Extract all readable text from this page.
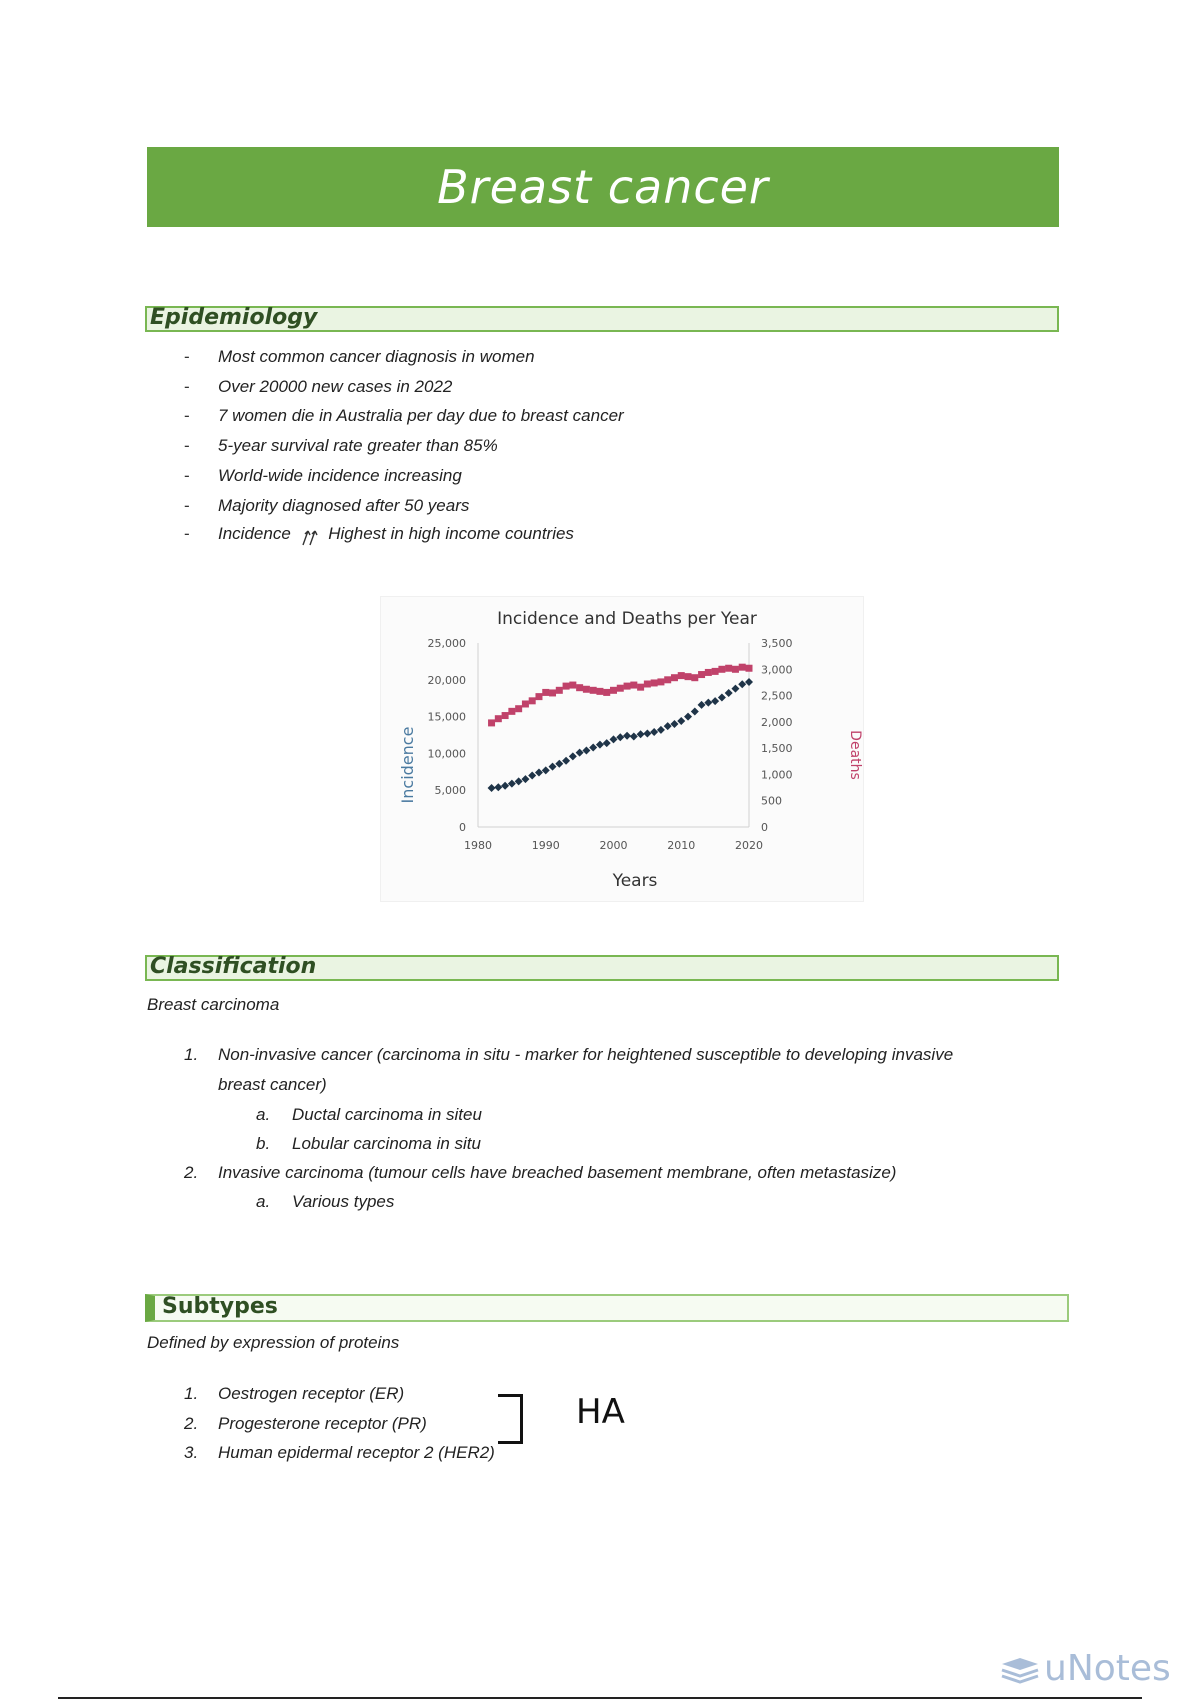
Breast cancer
Epidemiology
- Most common cancer diagnosis in women
- Over 20000 new cases in 2022
- 7 women die in Australia per day due to breast cancer
- 5-year survival rate greater than 85%
- World-wide incidence increasing
- Majority diagnosed after 50 years
- Incidence Highest in high income countries
Incidence and Deaths per Year
Years
Incidence	Deaths
0
5,000
10,000
15,000
20,000
25,000
0
500
1,000
1,500
2,000
2,500
3,000
3,500
1980	1990	2000	2010	2020
Classification
Breast carcinoma
1. Non-invasive cancer (carcinoma in situ - marker for heightened susceptible to developing invasive
breast cancer)
a. Ductal carcinoma in siteu
b. Lobular carcinoma in situ
2. Invasive carcinoma (tumour cells have breached basement membrane, often metastasize)
a. Various types
Subtypes
Defined by expression of proteins
1. Oestrogen receptor (ER)
2. Progesterone receptor (PR)
3. Human epidermal receptor 2 (HER2)
HA
uNotes
